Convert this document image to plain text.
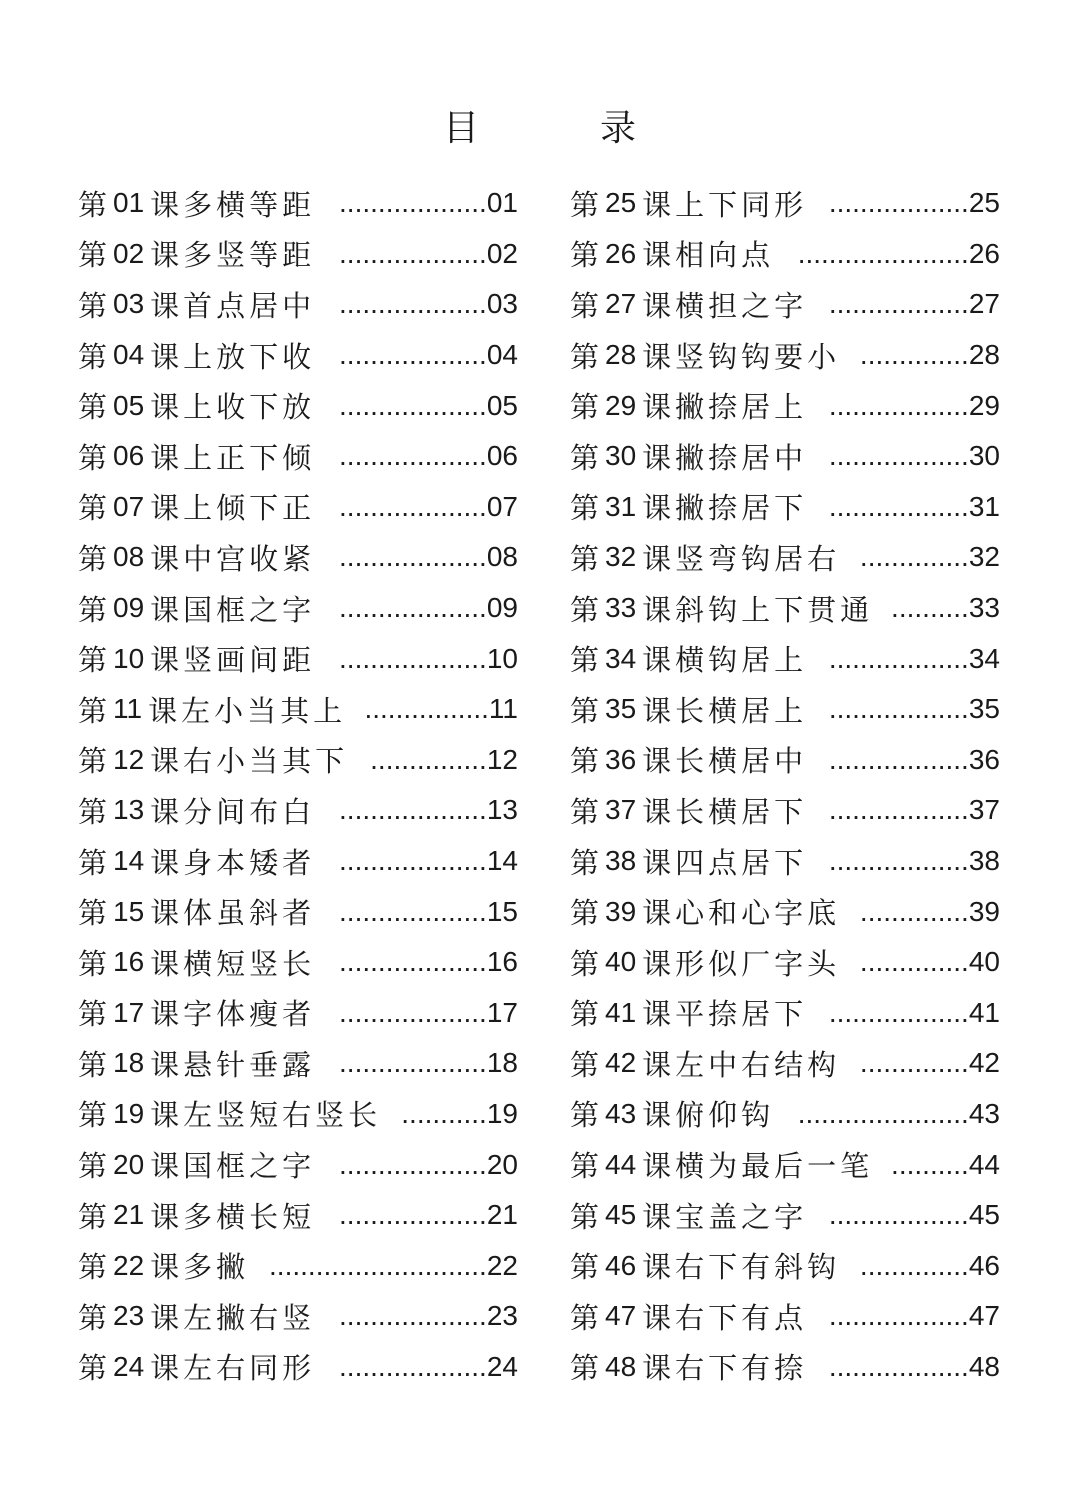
目	录
第 01 课多横等距 ...................01
第 02 课多竖等距 ...................02
第 03 课首点居中 ...................03
第 04 课上放下收 ...................04
第 05 课上收下放 ...................05
第 06 课上正下倾 ...................06
第 07 课上倾下正 ...................07
第 08 课中宫收紧 ...................08
第 09 课国框之字 ...................09
第 10 课竖画间距 ...................10
第 11 课左小当其上 ................11
第 12 课右小当其下 ...............12
第 13 课分间布白 ...................13
第 14 课身本矮者 ...................14
第 15 课体虽斜者 ...................15
第 16 课横短竖长 ...................16
第 17 课字体瘦者 ...................17
第 18 课悬针垂露 ...................18
第 19 课左竖短右竖长 ...........19
第 20 课国框之字 ...................20
第 21 课多横长短 ...................21
第 22 课多撇 ............................22
第 23 课左撇右竖 ...................23
第 24 课左右同形 ...................24
第 25 课上下同形 ..................25
第 26 课相向点 ......................26
第 27 课横担之字 ..................27
第 28 课竖钩钩要小 ..............28
第 29 课撇捺居上 ..................29
第 30 课撇捺居中 ..................30
第 31 课撇捺居下 ..................31
第 32 课竖弯钩居右 ..............32
第 33 课斜钩上下贯通 ..........33
第 34 课横钩居上 ..................34
第 35 课长横居上 ..................35
第 36 课长横居中 ..................36
第 37 课长横居下 ..................37
第 38 课四点居下 ..................38
第 39 课心和心字底 ..............39
第 40 课形似厂字头 ..............40
第 41 课平捺居下 ..................41
第 42 课左中右结构 ..............42
第 43 课俯仰钩 ......................43
第 44 课横为最后一笔 ..........44
第 45 课宝盖之字 ..................45
第 46 课右下有斜钩 ..............46
第 47 课右下有点 ..................47
第 48 课右下有捺 ..................48
